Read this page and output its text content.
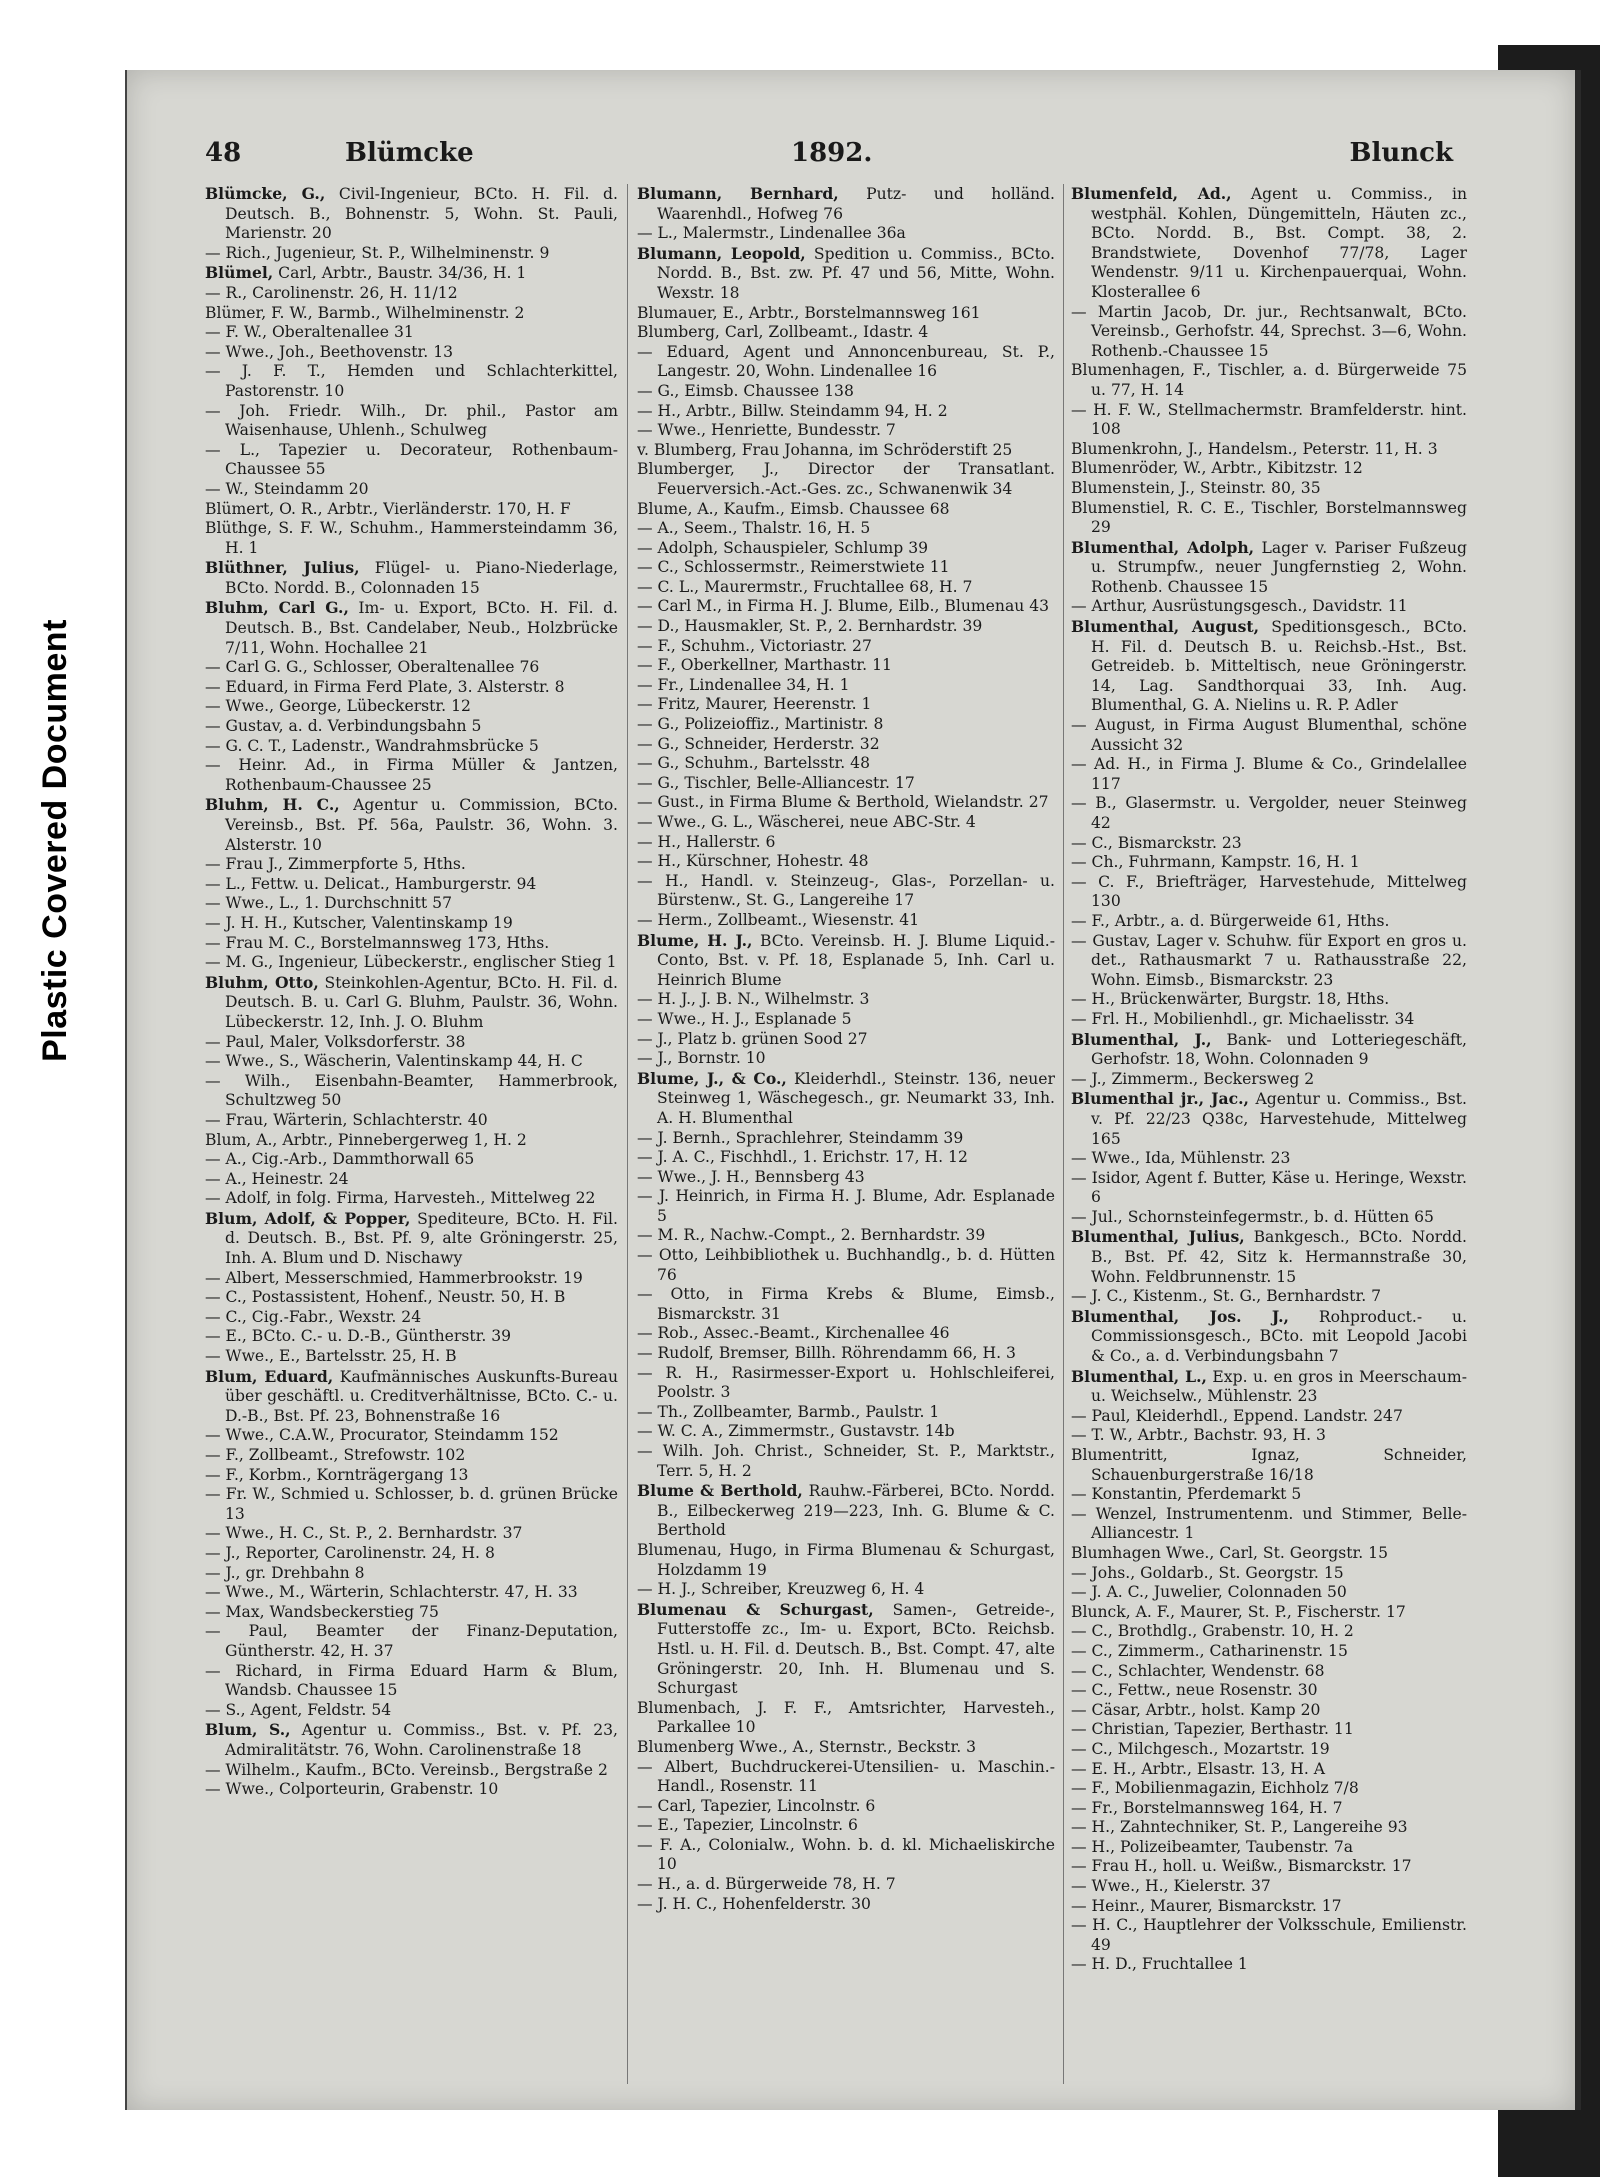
Plastic Covered Document
48	Blümcke	1892.	Blunck

Blümcke, G., Civil-Ingenieur, BCto. H. Fil. d. Deutsch. B., Bohnenstr. 5, Wohn. St. Pauli, Marienstr. 20

— Rich., Jugenieur, St. P., Wilhelminenstr. 9

Blümel, Carl, Arbtr., Baustr. 34/36, H. 1

— R., Carolinenstr. 26, H. 11/12

Blümer, F. W., Barmb., Wilhelminenstr. 2

— F. W., Oberaltenallee 31

— Wwe., Joh., Beethovenstr. 13

— J. F. T., Hemden und Schlachterkittel, Pastorenstr. 10

— Joh. Friedr. Wilh., Dr. phil., Pastor am Waisenhause, Uhlenh., Schulweg

— L., Tapezier u. Decorateur, Rothenbaum-Chaussee 55

— W., Steindamm 20

Blümert, O. R., Arbtr., Vierländerstr. 170, H. F

Blüthge, S. F. W., Schuhm., Hammersteindamm 36, H. 1

Blüthner, Julius, Flügel- u. Piano-Niederlage, BCto. Nordd. B., Colonnaden 15

Bluhm, Carl G., Im- u. Export, BCto. H. Fil. d. Deutsch. B., Bst. Candelaber, Neub., Holzbrücke 7/11, Wohn. Hochallee 21

— Carl G. G., Schlosser, Oberaltenallee 76

— Eduard, in Firma Ferd Plate, 3. Alsterstr. 8

— Wwe., George, Lübeckerstr. 12

— Gustav, a. d. Verbindungsbahn 5

— G. C. T., Ladenstr., Wandrahmsbrücke 5

— Heinr. Ad., in Firma Müller & Jantzen, Rothenbaum-Chaussee 25

Bluhm, H. C., Agentur u. Commission, BCto. Vereinsb., Bst. Pf. 56a, Paulstr. 36, Wohn. 3. Alsterstr. 10

— Frau J., Zimmerpforte 5, Hths.

— L., Fettw. u. Delicat., Hamburgerstr. 94

— Wwe., L., 1. Durchschnitt 57

— J. H. H., Kutscher, Valentinskamp 19

— Frau M. C., Borstelmannsweg 173, Hths.

— M. G., Ingenieur, Lübeckerstr., englischer Stieg 1

Bluhm, Otto, Steinkohlen-Agentur, BCto. H. Fil. d. Deutsch. B. u. Carl G. Bluhm, Paulstr. 36, Wohn. Lübeckerstr. 12, Inh. J. O. Bluhm

— Paul, Maler, Volksdorferstr. 38

— Wwe., S., Wäscherin, Valentinskamp 44, H. C

— Wilh., Eisenbahn-Beamter, Hammerbrook, Schultzweg 50

— Frau, Wärterin, Schlachterstr. 40

Blum, A., Arbtr., Pinnebergerweg 1, H. 2

— A., Cig.-Arb., Dammthorwall 65

— A., Heinestr. 24

— Adolf, in folg. Firma, Harvesteh., Mittelweg 22

Blum, Adolf, & Popper, Spediteure, BCto. H. Fil. d. Deutsch. B., Bst. Pf. 9, alte Gröningerstr. 25, Inh. A. Blum und D. Nischawy

— Albert, Messerschmied, Hammerbrookstr. 19

— C., Postassistent, Hohenf., Neustr. 50, H. B

— C., Cig.-Fabr., Wexstr. 24

— E., BCto. C.- u. D.-B., Güntherstr. 39

— Wwe., E., Bartelsstr. 25, H. B

Blum, Eduard, Kaufmännisches Auskunfts-Bureau über geschäftl. u. Creditverhältnisse, BCto. C.- u. D.-B., Bst. Pf. 23, Bohnenstraße 16

— Wwe., C.A.W., Procurator, Steindamm 152

— F., Zollbeamt., Strefowstr. 102

— F., Korbm., Kornträgergang 13

— Fr. W., Schmied u. Schlosser, b. d. grünen Brücke 13

— Wwe., H. C., St. P., 2. Bernhardstr. 37

— J., Reporter, Carolinenstr. 24, H. 8

— J., gr. Drehbahn 8

— Wwe., M., Wärterin, Schlachterstr. 47, H. 33

— Max, Wandsbeckerstieg 75

— Paul, Beamter der Finanz-Deputation, Güntherstr. 42, H. 37

— Richard, in Firma Eduard Harm & Blum, Wandsb. Chaussee 15

— S., Agent, Feldstr. 54

Blum, S., Agentur u. Commiss., Bst. v. Pf. 23, Admiralitätstr. 76, Wohn. Carolinenstraße 18

— Wilhelm., Kaufm., BCto. Vereinsb., Bergstraße 2

— Wwe., Colporteurin, Grabenstr. 10

Blumann, Bernhard, Putz- und holländ. Waarenhdl., Hofweg 76

— L., Malermstr., Lindenallee 36a

Blumann, Leopold, Spedition u. Commiss., BCto. Nordd. B., Bst. zw. Pf. 47 und 56, Mitte, Wohn. Wexstr. 18

Blumauer, E., Arbtr., Borstelmannsweg 161

Blumberg, Carl, Zollbeamt., Idastr. 4

— Eduard, Agent und Annoncenbureau, St. P., Langestr. 20, Wohn. Lindenallee 16

— G., Eimsb. Chaussee 138

— H., Arbtr., Billw. Steindamm 94, H. 2

— Wwe., Henriette, Bundesstr. 7

v. Blumberg, Frau Johanna, im Schröderstift 25

Blumberger, J., Director der Transatlant. Feuerversich.-Act.-Ges. zc., Schwanenwik 34

Blume, A., Kaufm., Eimsb. Chaussee 68

— A., Seem., Thalstr. 16, H. 5

— Adolph, Schauspieler, Schlump 39

— C., Schlossermstr., Reimerstwiete 11

— C. L., Maurermstr., Fruchtallee 68, H. 7

— Carl M., in Firma H. J. Blume, Eilb., Blumenau 43

— D., Hausmakler, St. P., 2. Bernhardstr. 39

— F., Schuhm., Victoriastr. 27

— F., Oberkellner, Marthastr. 11

— Fr., Lindenallee 34, H. 1

— Fritz, Maurer, Heerenstr. 1

— G., Polizeioffiz., Martinistr. 8

— G., Schneider, Herderstr. 32

— G., Schuhm., Bartelsstr. 48

— G., Tischler, Belle-Alliancestr. 17

— Gust., in Firma Blume & Berthold, Wielandstr. 27

— Wwe., G. L., Wäscherei, neue ABC-Str. 4

— H., Hallerstr. 6

— H., Kürschner, Hohestr. 48

— H., Handl. v. Steinzeug-, Glas-, Porzellan- u. Bürstenw., St. G., Langereihe 17

— Herm., Zollbeamt., Wiesenstr. 41

Blume, H. J., BCto. Vereinsb. H. J. Blume Liquid.-Conto, Bst. v. Pf. 18, Esplanade 5, Inh. Carl u. Heinrich Blume

— H. J., J. B. N., Wilhelmstr. 3

— Wwe., H. J., Esplanade 5

— J., Platz b. grünen Sood 27

— J., Bornstr. 10

Blume, J., & Co., Kleiderhdl., Steinstr. 136, neuer Steinweg 1, Wäschegesch., gr. Neumarkt 33, Inh. A. H. Blumenthal

— J. Bernh., Sprachlehrer, Steindamm 39

— J. A. C., Fischhdl., 1. Erichstr. 17, H. 12

— Wwe., J. H., Bennsberg 43

— J. Heinrich, in Firma H. J. Blume, Adr. Esplanade 5

— M. R., Nachw.-Compt., 2. Bernhardstr. 39

— Otto, Leihbibliothek u. Buchhandlg., b. d. Hütten 76

— Otto, in Firma Krebs & Blume, Eimsb., Bismarckstr. 31

— Rob., Assec.-Beamt., Kirchenallee 46

— Rudolf, Bremser, Billh. Röhrendamm 66, H. 3

— R. H., Rasirmesser-Export u. Hohlschleiferei, Poolstr. 3

— Th., Zollbeamter, Barmb., Paulstr. 1

— W. C. A., Zimmermstr., Gustavstr. 14b

— Wilh. Joh. Christ., Schneider, St. P., Marktstr., Terr. 5, H. 2

Blume & Berthold, Rauhw.-Färberei, BCto. Nordd. B., Eilbeckerweg 219—223, Inh. G. Blume & C. Berthold

Blumenau, Hugo, in Firma Blumenau & Schurgast, Holzdamm 19

— H. J., Schreiber, Kreuzweg 6, H. 4

Blumenau & Schurgast, Samen-, Getreide-, Futterstoffe zc., Im- u. Export, BCto. Reichsb. Hstl. u. H. Fil. d. Deutsch. B., Bst. Compt. 47, alte Gröningerstr. 20, Inh. H. Blumenau und S. Schurgast

Blumenbach, J. F. F., Amtsrichter, Harvesteh., Parkallee 10

Blumenberg Wwe., A., Sternstr., Beckstr. 3

— Albert, Buchdruckerei-Utensilien- u. Maschin.-Handl., Rosenstr. 11

— Carl, Tapezier, Lincolnstr. 6

— E., Tapezier, Lincolnstr. 6

— F. A., Colonialw., Wohn. b. d. kl. Michaeliskirche 10

— H., a. d. Bürgerweide 78, H. 7

— J. H. C., Hohenfelderstr. 30

Blumenfeld, Ad., Agent u. Commiss., in westphäl. Kohlen, Düngemitteln, Häuten zc., BCto. Nordd. B., Bst. Compt. 38, 2. Brandstwiete, Dovenhof 77/78, Lager Wendenstr. 9/11 u. Kirchenpauerquai, Wohn. Klosterallee 6

— Martin Jacob, Dr. jur., Rechtsanwalt, BCto. Vereinsb., Gerhofstr. 44, Sprechst. 3—6, Wohn. Rothenb.-Chaussee 15

Blumenhagen, F., Tischler, a. d. Bürgerweide 75 u. 77, H. 14

— H. F. W., Stellmachermstr. Bramfelderstr. hint. 108

Blumenkrohn, J., Handelsm., Peterstr. 11, H. 3

Blumenröder, W., Arbtr., Kibitzstr. 12

Blumenstein, J., Steinstr. 80, 35

Blumenstiel, R. C. E., Tischler, Borstelmannsweg 29

Blumenthal, Adolph, Lager v. Pariser Fußzeug u. Strumpfw., neuer Jungfernstieg 2, Wohn. Rothenb. Chaussee 15

— Arthur, Ausrüstungsgesch., Davidstr. 11

Blumenthal, August, Speditionsgesch., BCto. H. Fil. d. Deutsch B. u. Reichsb.-Hst., Bst. Getreideb. b. Mitteltisch, neue Gröningerstr. 14, Lag. Sandthorquai 33, Inh. Aug. Blumenthal, G. A. Nielins u. R. P. Adler

— August, in Firma August Blumenthal, schöne Aussicht 32

— Ad. H., in Firma J. Blume & Co., Grindelallee 117

— B., Glasermstr. u. Vergolder, neuer Steinweg 42

— C., Bismarckstr. 23

— Ch., Fuhrmann, Kampstr. 16, H. 1

— C. F., Briefträger, Harvestehude, Mittelweg 130

— F., Arbtr., a. d. Bürgerweide 61, Hths.

— Gustav, Lager v. Schuhw. für Export en gros u. det., Rathausmarkt 7 u. Rathausstraße 22, Wohn. Eimsb., Bismarckstr. 23

— H., Brückenwärter, Burgstr. 18, Hths.

— Frl. H., Mobilienhdl., gr. Michaelisstr. 34

Blumenthal, J., Bank- und Lotteriegeschäft, Gerhofstr. 18, Wohn. Colonnaden 9

— J., Zimmerm., Beckersweg 2

Blumenthal jr., Jac., Agentur u. Commiss., Bst. v. Pf. 22/23 Q38c, Harvestehude, Mittelweg 165

— Wwe., Ida, Mühlenstr. 23

— Isidor, Agent f. Butter, Käse u. Heringe, Wexstr. 6

— Jul., Schornsteinfegermstr., b. d. Hütten 65

Blumenthal, Julius, Bankgesch., BCto. Nordd. B., Bst. Pf. 42, Sitz k. Hermannstraße 30, Wohn. Feldbrunnenstr. 15

— J. C., Kistenm., St. G., Bernhardstr. 7

Blumenthal, Jos. J., Rohproduct.- u. Commissionsgesch., BCto. mit Leopold Jacobi & Co., a. d. Verbindungsbahn 7

Blumenthal, L., Exp. u. en gros in Meerschaum- u. Weichselw., Mühlenstr. 23

— Paul, Kleiderhdl., Eppend. Landstr. 247

— T. W., Arbtr., Bachstr. 93, H. 3

Blumentritt, Ignaz, Schneider, Schauenburgerstraße 16/18

— Konstantin, Pferdemarkt 5

— Wenzel, Instrumentenm. und Stimmer, Belle-Alliancestr. 1

Blumhagen Wwe., Carl, St. Georgstr. 15

— Johs., Goldarb., St. Georgstr. 15

— J. A. C., Juwelier, Colonnaden 50

Blunck, A. F., Maurer, St. P., Fischerstr. 17

— C., Brothdlg., Grabenstr. 10, H. 2

— C., Zimmerm., Catharinenstr. 15

— C., Schlachter, Wendenstr. 68

— C., Fettw., neue Rosenstr. 30

— Cäsar, Arbtr., holst. Kamp 20

— Christian, Tapezier, Berthastr. 11

— C., Milchgesch., Mozartstr. 19

— E. H., Arbtr., Elsastr. 13, H. A

— F., Mobilienmagazin, Eichholz 7/8

— Fr., Borstelmannsweg 164, H. 7

— H., Zahntechniker, St. P., Langereihe 93

— H., Polizeibeamter, Taubenstr. 7a

— Frau H., holl. u. Weißw., Bismarckstr. 17

— Wwe., H., Kielerstr. 37

— Heinr., Maurer, Bismarckstr. 17

— H. C., Hauptlehrer der Volksschule, Emilienstr. 49

— H. D., Fruchtallee 1
